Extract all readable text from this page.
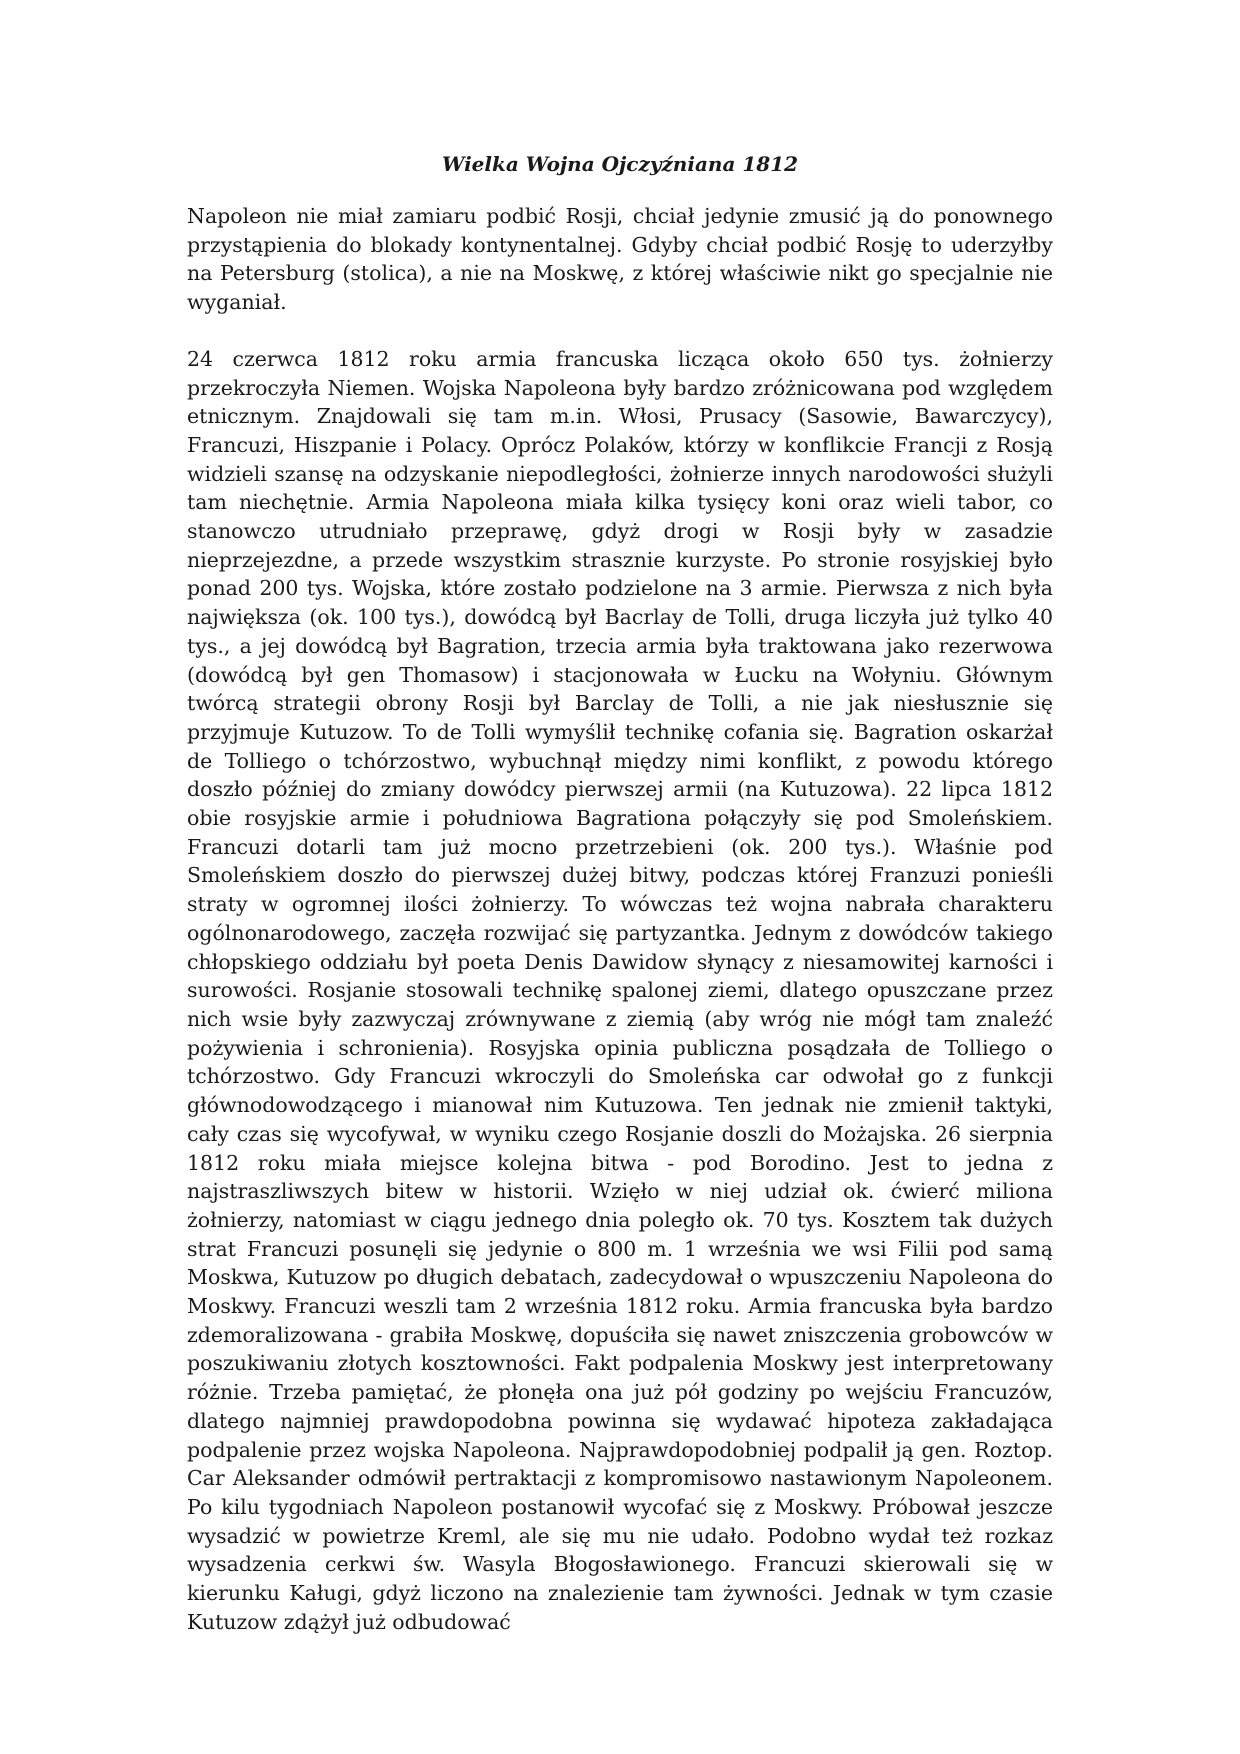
Wielka Wojna Ojczyźniana 1812

Napoleon nie miał zamiaru podbić Rosji, chciał jedynie zmusić ją do ponownego przystąpienia do blokady kontynentalnej. Gdyby chciał podbić Rosję to uderzyłby na Petersburg (stolica), a nie na Moskwę, z której właściwie nikt go specjalnie nie wyganiał.

24 czerwca 1812 roku armia francuska licząca około 650 tys. żołnierzy przekroczyła Niemen. Wojska Napoleona były bardzo zróżnicowana pod względem etnicznym. Znajdowali się tam m.in. Włosi, Prusacy (Sasowie, Bawarczycy), Francuzi, Hiszpanie i Polacy. Oprócz Polaków, którzy w konflikcie Francji z Rosją widzieli szansę na odzyskanie niepodległości, żołnierze innych narodowości służyli tam niechętnie. Armia Napoleona miała kilka tysięcy koni oraz wieli tabor, co stanowczo utrudniało przeprawę, gdyż drogi w Rosji były w zasadzie nieprzejezdne, a przede wszystkim strasznie kurzyste. Po stronie rosyjskiej było ponad 200 tys. Wojska, które zostało podzielone na 3 armie. Pierwsza z nich była największa (ok. 100 tys.), dowódcą był Bacrlay de Tolli, druga liczyła już tylko 40 tys., a jej dowódcą był Bagration, trzecia armia była traktowana jako rezerwowa (dowódcą był gen Thomasow) i stacjonowała w Łucku na Wołyniu. Głównym twórcą strategii obrony Rosji był Barclay de Tolli, a nie jak niesłusznie się przyjmuje Kutuzow. To de Tolli wymyślił technikę cofania się. Bagration oskarżał de Tolliego o tchórzostwo, wybuchnął między nimi konflikt, z powodu którego doszło później do zmiany dowódcy pierwszej armii (na Kutuzowa). 22 lipca 1812 obie rosyjskie armie i południowa Bagrationa połączyły się pod Smoleńskiem. Francuzi dotarli tam już mocno przetrzebieni (ok. 200 tys.). Właśnie pod Smoleńskiem doszło do pierwszej dużej bitwy, podczas której Franzuzi ponieśli straty w ogromnej ilości żołnierzy. To wówczas też wojna nabrała charakteru ogólnonarodowego, zaczęła rozwijać się partyzantka. Jednym z dowódców takiego chłopskiego oddziału był poeta Denis Dawidow słynący z niesamowitej karności i surowości. Rosjanie stosowali technikę spalonej ziemi, dlatego opuszczane przez nich wsie były zazwyczaj zrównywane z ziemią (aby wróg nie mógł tam znaleźć pożywienia i schronienia). Rosyjska opinia publiczna posądzała de Tolliego o tchórzostwo. Gdy Francuzi wkroczyli do Smoleńska car odwołał go z funkcji głównodowodzącego i mianował nim Kutuzowa. Ten jednak nie zmienił taktyki, cały czas się wycofywał, w wyniku czego Rosjanie doszli do Możajska. 26 sierpnia 1812 roku miała miejsce kolejna bitwa - pod Borodino. Jest to jedna z najstraszliwszych bitew w historii. Wzięło w niej udział ok. ćwierć miliona żołnierzy, natomiast w ciągu jednego dnia poległo ok. 70 tys. Kosztem tak dużych strat Francuzi posunęli się jedynie o 800 m. 1 września we wsi Filii pod samą Moskwa, Kutuzow po długich debatach, zadecydował o wpuszczeniu Napoleona do Moskwy. Francuzi weszli tam 2 września 1812 roku. Armia francuska była bardzo zdemoralizowana - grabiła Moskwę, dopuściła się nawet zniszczenia grobowców w poszukiwaniu złotych kosztowności. Fakt podpalenia Moskwy jest interpretowany różnie. Trzeba pamiętać, że płonęła ona już pół godziny po wejściu Francuzów, dlatego najmniej prawdopodobna powinna się wydawać hipoteza zakładająca podpalenie przez wojska Napoleona. Najprawdopodobniej podpalił ją gen. Roztop. Car Aleksander odmówił pertraktacji z kompromisowo nastawionym Napoleonem. Po kilu tygodniach Napoleon postanowił wycofać się z Moskwy. Próbował jeszcze wysadzić w powietrze Kreml, ale się mu nie udało. Podobno wydał też rozkaz wysadzenia cerkwi św. Wasyla Błogosławionego. Francuzi skierowali się w kierunku Kaługi, gdyż liczono na znalezienie tam żywności. Jednak w tym czasie Kutuzow zdążył już odbudować
